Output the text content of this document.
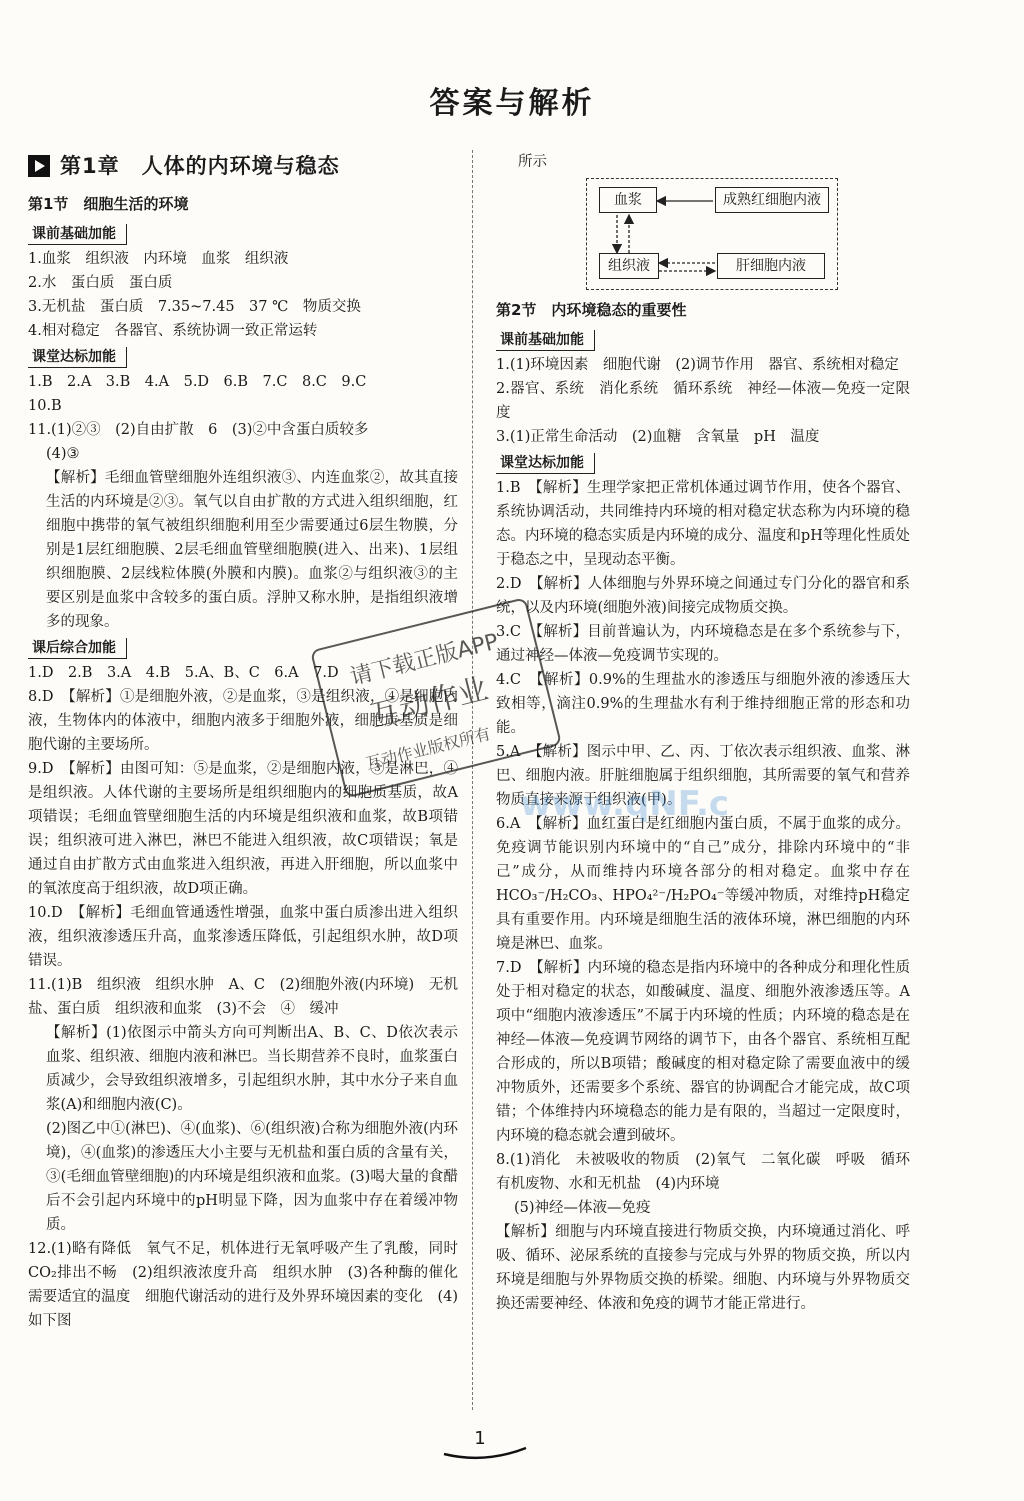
答案与解析
第1章　人体的内环境与稳态
第1节　细胞生活的环境
课前基础加能
1.血浆　组织液　内环境　血浆　组织液
2.水　蛋白质　蛋白质
3.无机盐　蛋白质　7.35~7.45　37 ℃　物质交换
4.相对稳定　各器官、系统协调一致正常运转
课堂达标加能
1.B　2.A　3.B　4.A　5.D　6.B　7.C　8.C　9.C
10.B
11.(1)②③　(2)自由扩散　6　(3)②中含蛋白质较多
(4)③
【解析】毛细血管壁细胞外连组织液③、内连血浆②，故其直接生活的内环境是②③。氧气以自由扩散的方式进入组织细胞，红细胞中携带的氧气被组织细胞利用至少需要通过6层生物膜，分别是1层红细胞膜、2层毛细血管壁细胞膜(进入、出来)、1层组织细胞膜、2层线粒体膜(外膜和内膜)。血浆②与组织液③的主要区别是血浆中含较多的蛋白质。浮肿又称水肿，是指组织液增多的现象。
课后综合加能
1.D　2.B　3.A　4.B　5.A、B、C　6.A　7.D
8.D　【解析】①是细胞外液，②是血浆，③是组织液，④是细胞内液，生物体内的体液中，细胞内液多于细胞外液，细胞质基质是细胞代谢的主要场所。
9.D　【解析】由图可知：⑤是血浆，②是细胞内液，③是淋巴，④是组织液。人体代谢的主要场所是组织细胞内的细胞质基质，故A项错误；毛细血管壁细胞生活的内环境是组织液和血浆，故B项错误；组织液可进入淋巴，淋巴不能进入组织液，故C项错误；氧是通过自由扩散方式由血浆进入组织液，再进入肝细胞，所以血浆中的氧浓度高于组织液，故D项正确。
10.D　【解析】毛细血管通透性增强，血浆中蛋白质渗出进入组织液，组织液渗透压升高，血浆渗透压降低，引起组织水肿，故D项错误。
11.(1)B　组织液　组织水肿　A、C　(2)细胞外液(内环境)　无机盐、蛋白质　组织液和血浆　(3)不会　④　缓冲
【解析】(1)依图示中箭头方向可判断出A、B、C、D依次表示血浆、组织液、细胞内液和淋巴。当长期营养不良时，血浆蛋白质减少，会导致组织液增多，引起组织水肿，其中水分子来自血浆(A)和细胞内液(C)。
(2)图乙中①(淋巴)、④(血浆)、⑥(组织液)合称为细胞外液(内环境)，④(血浆)的渗透压大小主要与无机盐和蛋白质的含量有关，③(毛细血管壁细胞)的内环境是组织液和血浆。(3)喝大量的食醋后不会引起内环境中的pH明显下降，因为血浆中存在着缓冲物质。
12.(1)略有降低　氧气不足，机体进行无氧呼吸产生了乳酸，同时CO₂排出不畅　(2)组织液浓度升高　组织水肿　(3)各种酶的催化需要适宜的温度　细胞代谢活动的进行及外界环境因素的变化　(4)如下图
所示
血浆	成熟红细胞内液
组织液	肝细胞内液
第2节　内环境稳态的重要性
课前基础加能
1.(1)环境因素　细胞代谢　(2)调节作用　器官、系统相对稳定
2.器官、系统　消化系统　循环系统　神经—体液—免疫一定限度
3.(1)正常生命活动　(2)血糖　含氧量　pH　温度
课堂达标加能
1.B　【解析】生理学家把正常机体通过调节作用，使各个器官、系统协调活动，共同维持内环境的相对稳定状态称为内环境的稳态。内环境的稳态实质是内环境的成分、温度和pH等理化性质处于稳态之中，呈现动态平衡。
2.D　【解析】人体细胞与外界环境之间通过专门分化的器官和系统，以及内环境(细胞外液)间接完成物质交换。
3.C　【解析】目前普遍认为，内环境稳态是在多个系统参与下，通过神经—体液—免疫调节实现的。
4.C　【解析】0.9%的生理盐水的渗透压与细胞外液的渗透压大致相等，滴注0.9%的生理盐水有利于维持细胞正常的形态和功能。
5.A　【解析】图示中甲、乙、丙、丁依次表示组织液、血浆、淋巴、细胞内液。肝脏细胞属于组织细胞，其所需要的氧气和营养物质直接来源于组织液(甲)。
6.A　【解析】血红蛋白是红细胞内蛋白质，不属于血浆的成分。免疫调节能识别内环境中的“自己”成分，排除内环境中的“非己”成分，从而维持内环境各部分的相对稳定。血浆中存在HCO₃⁻/H₂CO₃、HPO₄²⁻/H₂PO₄⁻等缓冲物质，对维持pH稳定具有重要作用。内环境是细胞生活的液体环境，淋巴细胞的内环境是淋巴、血浆。
7.D　【解析】内环境的稳态是指内环境中的各种成分和理化性质处于相对稳定的状态，如酸碱度、温度、细胞外液渗透压等。A项中“细胞内液渗透压”不属于内环境的性质；内环境的稳态是在神经—体液—免疫调节网络的调节下，由各个器官、系统相互配合形成的，所以B项错；酸碱度的相对稳定除了需要血液中的缓冲物质外，还需要多个系统、器官的协调配合才能完成，故C项错；个体维持内环境稳态的能力是有限的，当超过一定限度时，内环境的稳态就会遭到破坏。
8.(1)消化　未被吸收的物质　(2)氧气　二氧化碳　呼吸　循环　有机废物、水和无机盐　(4)内环境
(5)神经—体液—免疫
【解析】细胞与内环境直接进行物质交换，内环境通过消化、呼吸、循环、泌尿系统的直接参与完成与外界的物质交换，所以内环境是细胞与外界物质交换的桥梁。细胞、内环境与外界物质交换还需要神经、体液和免疫的调节才能正常进行。
请下载正版APP
互动作业
互动作业版权所有
www.qNF.c
1
